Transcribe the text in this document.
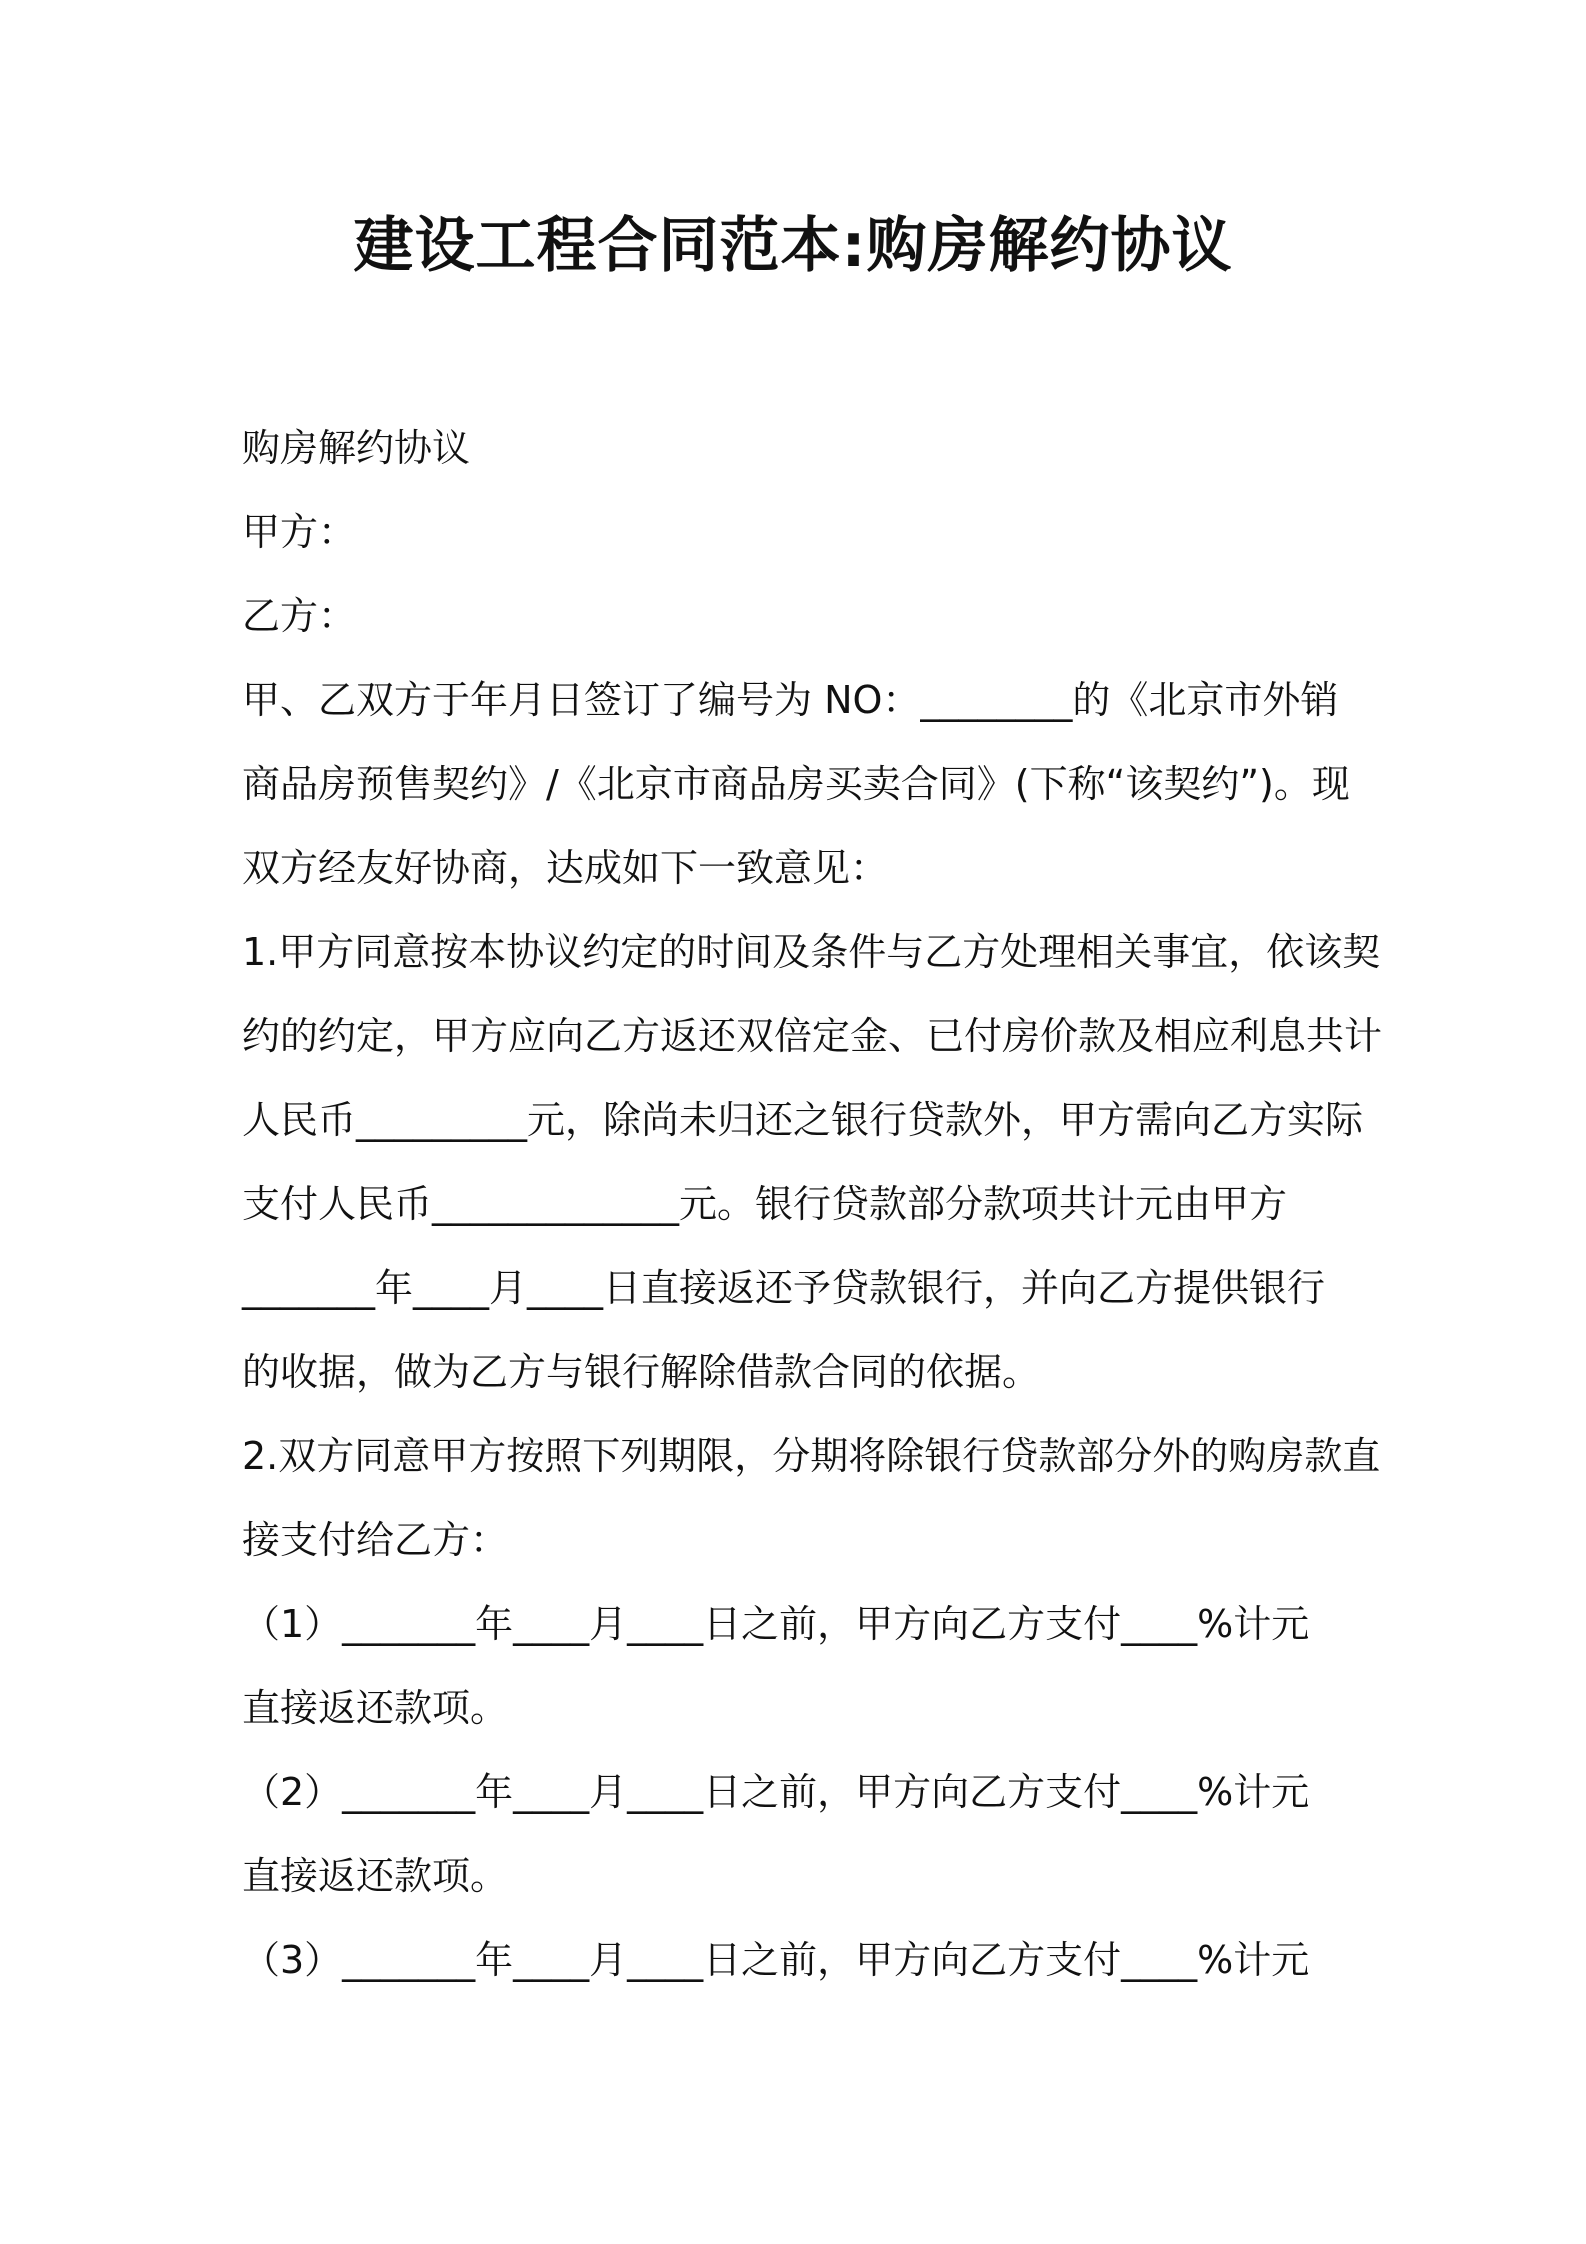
建设工程合同范本:购房解约协议
购房解约协议
甲方：
乙方：
甲、乙双方于年月日签订了编号为 NO：________的《北京市外销
商品房预售契约》/《北京市商品房买卖合同》(下称“该契约”)。现
双方经友好协商，达成如下一致意见：
1.甲方同意按本协议约定的时间及条件与乙方处理相关事宜，依该契
约的约定，甲方应向乙方返还双倍定金、已付房价款及相应利息共计
人民币_________元，除尚未归还之银行贷款外，甲方需向乙方实际
支付人民币_____________元。银行贷款部分款项共计元由甲方
_______年____月____日直接返还予贷款银行，并向乙方提供银行
的收据，做为乙方与银行解除借款合同的依据。
2.双方同意甲方按照下列期限，分期将除银行贷款部分外的购房款直
接支付给乙方：
（1）_______年____月____日之前，甲方向乙方支付____%计元
直接返还款项。
（2）_______年____月____日之前，甲方向乙方支付____%计元
直接返还款项。
（3）_______年____月____日之前，甲方向乙方支付____%计元
